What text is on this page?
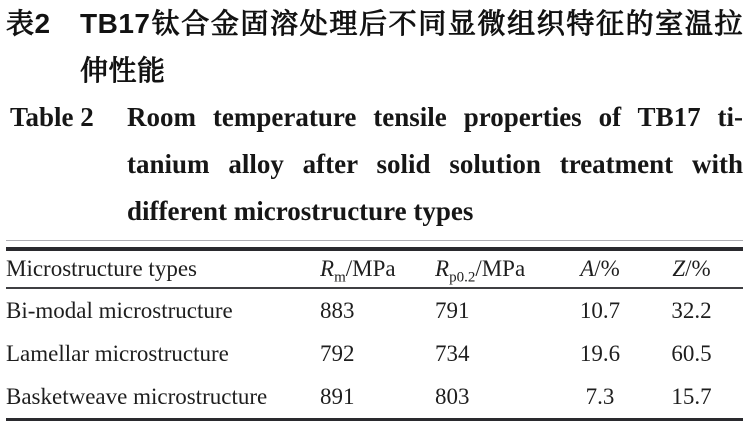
表2	TB17钛合金固溶处理后不同显微组织特征的室温拉
伸性能
Table 2	Room temperature tensile properties of TB17 ti-
tanium alloy after solid solution treatment with
different microstructure types
Microstructure types	$R_m$/MPa	$R_{p0.2}$/MPa	A/%	Z/%
Bi-modal microstructure	883	791	10.7	32.2
Lamellar microstructure	792	734	19.6	60.5
Basketweave microstructure	891	803	7.3	15.7
